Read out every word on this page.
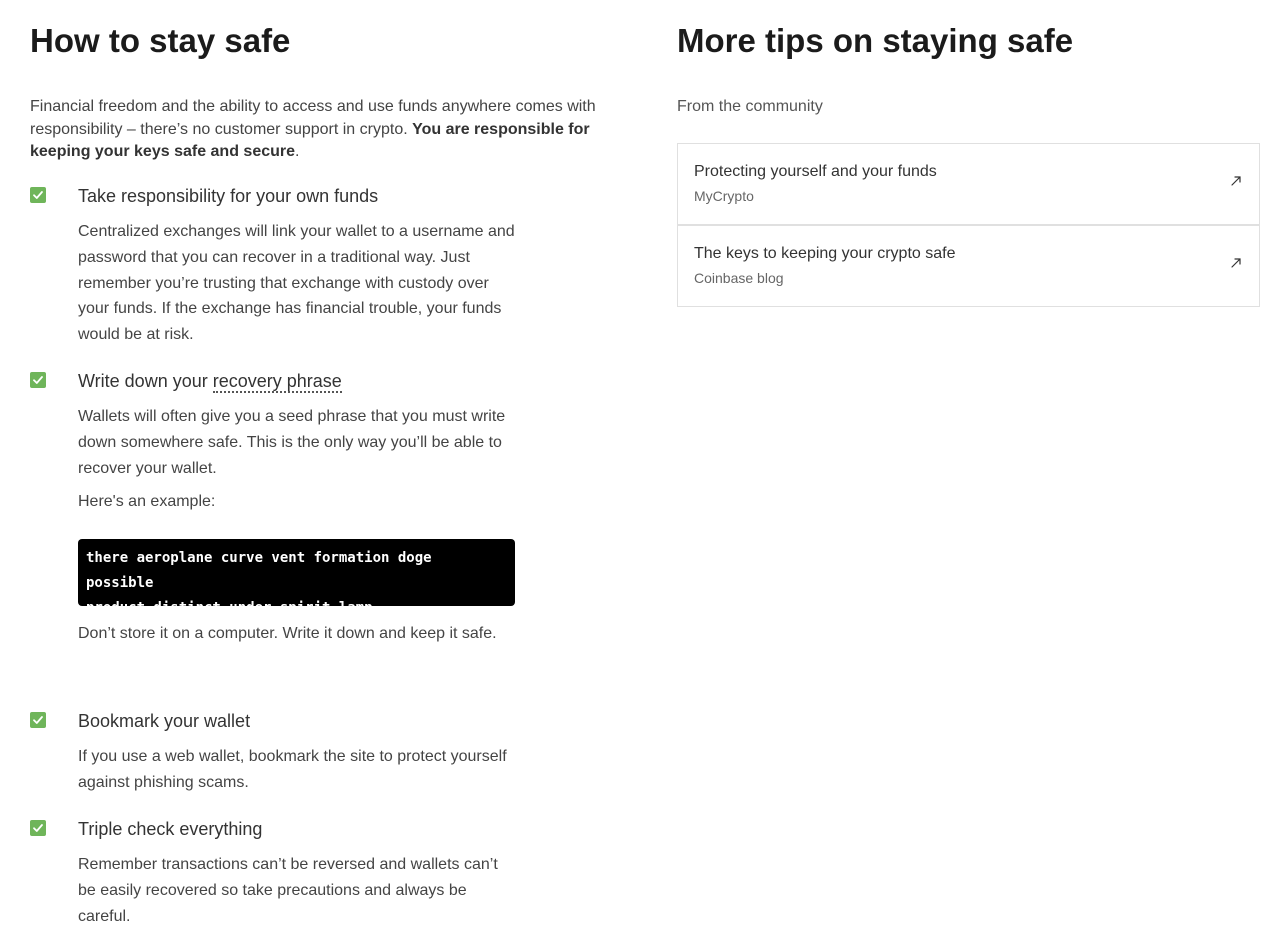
How to stay safe

Financial freedom and the ability to access and use funds anywhere comes with responsibility – there’s no customer support in crypto. You are responsible for keeping your keys safe and secure.

Take responsibility for your own funds

Centralized exchanges will link your wallet to a username and password that you can recover in a traditional way. Just remember you’re trusting that exchange with custody over your funds. If the exchange has financial trouble, your funds would be at risk.

Write down your recovery phrase

Wallets will often give you a seed phrase that you must write down somewhere safe. This is the only way you’ll be able to recover your wallet.

Here's an example:
there aeroplane curve vent formation doge possible
product distinct under spirit lamp

Don’t store it on a computer. Write it down and keep it safe.

Bookmark your wallet

If you use a web wallet, bookmark the site to protect yourself against phishing scams.

Triple check everything

Remember transactions can’t be reversed and wallets can’t be easily recovered so take precautions and always be careful.

More tips on staying safe
From the community
Protecting yourself and your funds
MyCrypto
The keys to keeping your crypto safe
Coinbase blog
